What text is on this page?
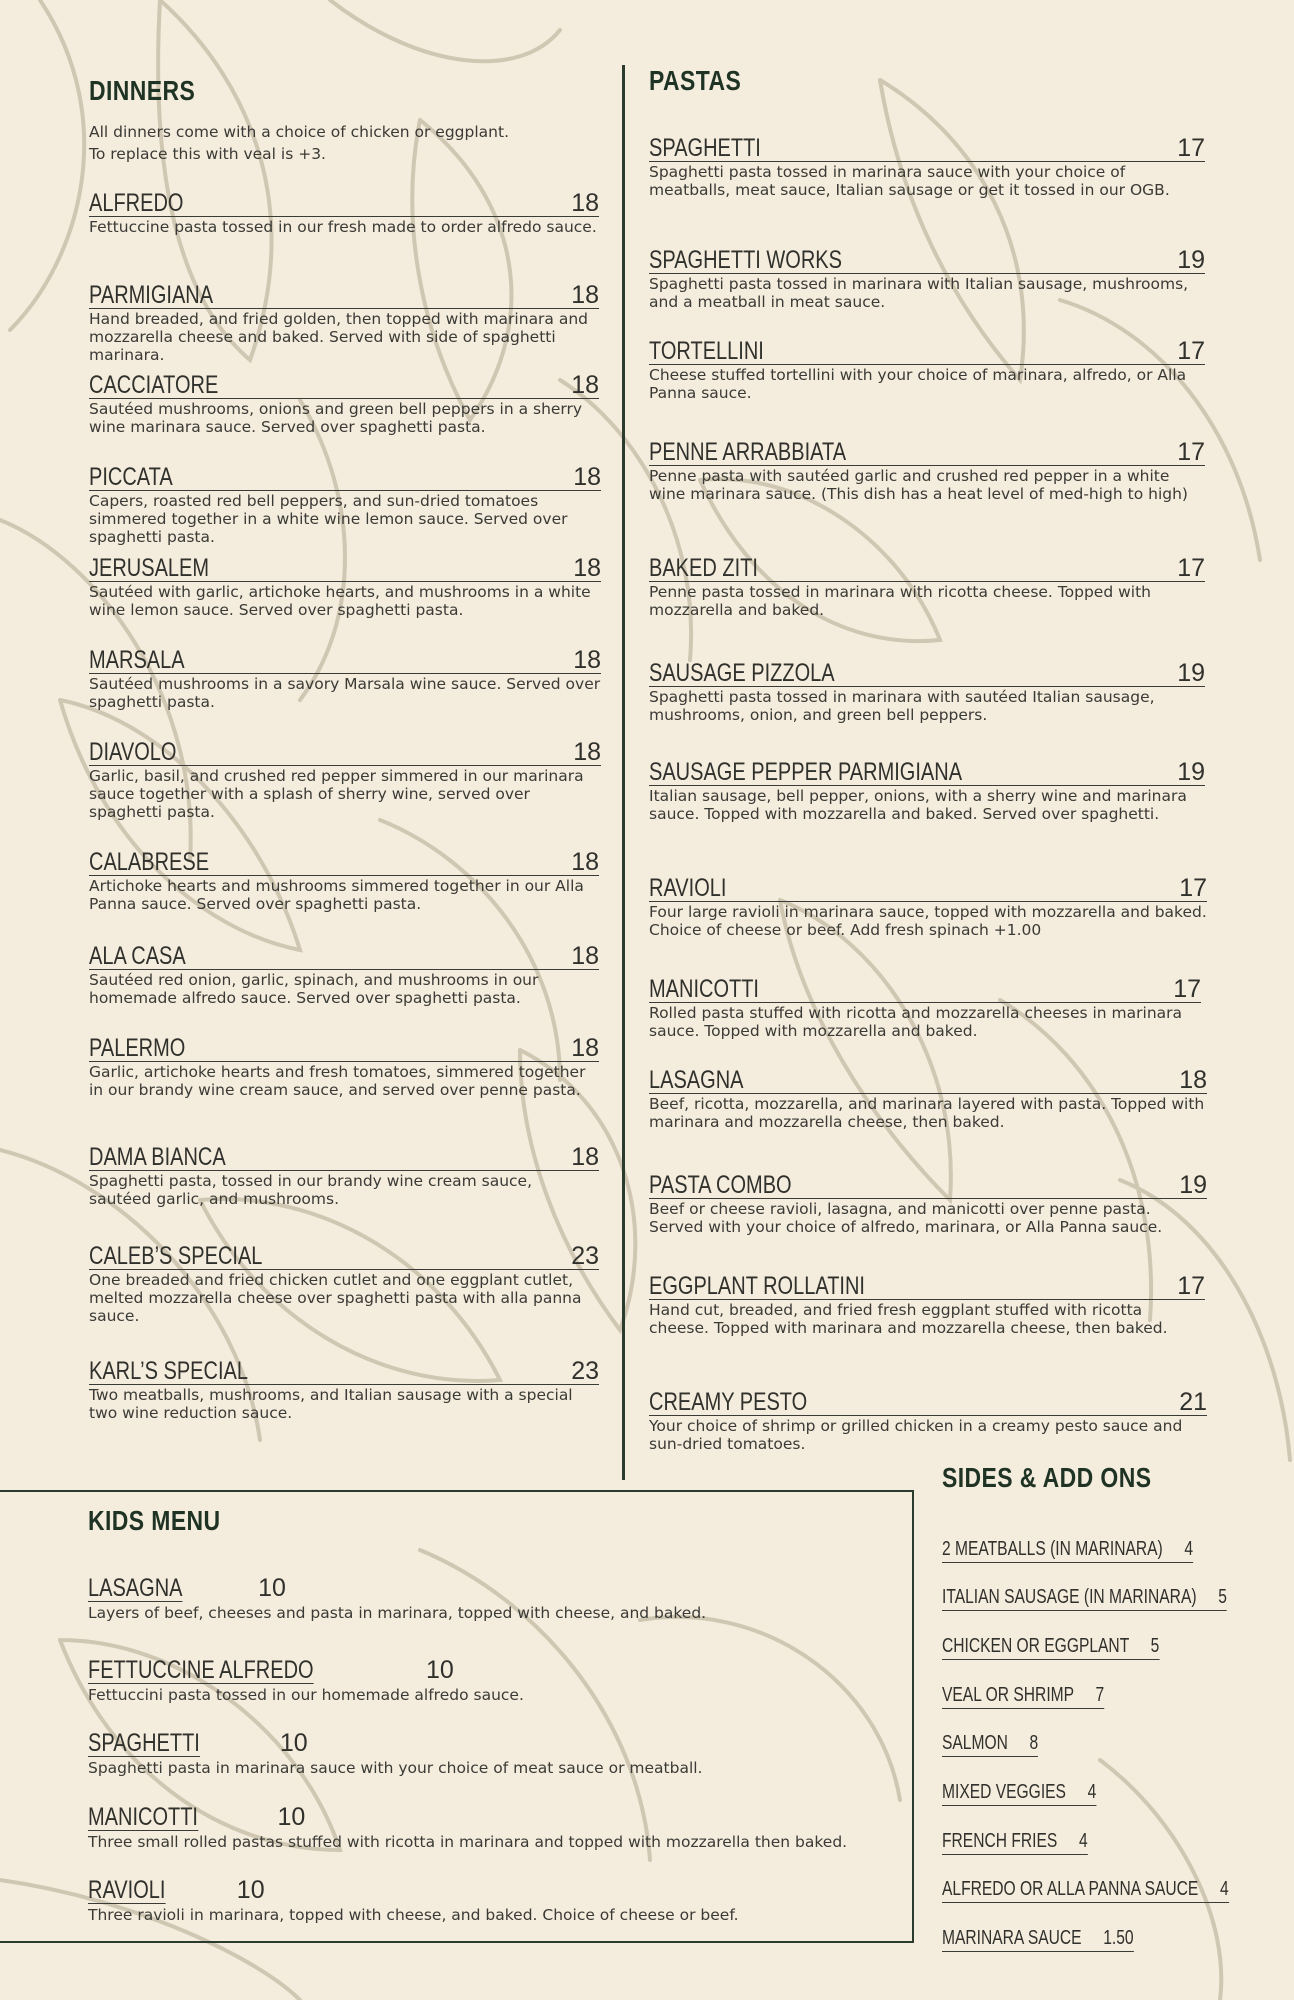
DINNERS
All dinners come with a choice of chicken or eggplant.
To replace this with veal is +3.
ALFREDO	18
Fettuccine pasta tossed in our fresh made to order alfredo sauce.
PARMIGIANA	18
Hand breaded, and fried golden, then topped with marinara and mozzarella cheese and baked. Served with side of spaghetti marinara.
CACCIATORE	18
Sautéed mushrooms, onions and green bell peppers in a sherry wine marinara sauce. Served over spaghetti pasta.
PICCATA	18
Capers, roasted red bell peppers, and sun-dried tomatoes simmered together in a white wine lemon sauce. Served over spaghetti pasta.
JERUSALEM	18
Sautéed with garlic, artichoke hearts, and mushrooms in a white wine lemon sauce. Served over spaghetti pasta.
MARSALA	18
Sautéed mushrooms in a savory Marsala wine sauce. Served over spaghetti pasta.
DIAVOLO	18
Garlic, basil, and crushed red pepper simmered in our marinara sauce together with a splash of sherry wine, served over spaghetti pasta.
CALABRESE	18
Artichoke hearts and mushrooms simmered together in our Alla Panna sauce. Served over spaghetti pasta.
ALA CASA	18
Sautéed red onion, garlic, spinach, and mushrooms in our homemade alfredo sauce. Served over spaghetti pasta.
PALERMO	18
Garlic, artichoke hearts and fresh tomatoes, simmered together in our brandy wine cream sauce, and served over penne pasta.
DAMA BIANCA	18
Spaghetti pasta, tossed in our brandy wine cream sauce, sautéed garlic, and mushrooms.
CALEB’S SPECIAL	23
One breaded and fried chicken cutlet and one eggplant cutlet, melted mozzarella cheese over spaghetti pasta with alla panna sauce.
KARL’S SPECIAL	23
Two meatballs, mushrooms, and Italian sausage with a special two wine reduction sauce.
PASTAS
SPAGHETTI	17
Spaghetti pasta tossed in marinara sauce with your choice of meatballs, meat sauce, Italian sausage or get it tossed in our OGB.
SPAGHETTI WORKS	19
Spaghetti pasta tossed in marinara with Italian sausage, mushrooms, and a meatball in meat sauce.
TORTELLINI	17
Cheese stuffed tortellini with your choice of marinara, alfredo, or Alla Panna sauce.
PENNE ARRABBIATA	17
Penne pasta with sautéed garlic and crushed red pepper in a white wine marinara sauce. (This dish has a heat level of med-high to high)
BAKED ZITI	17
Penne pasta tossed in marinara with ricotta cheese. Topped with mozzarella and baked.
SAUSAGE PIZZOLA	19
Spaghetti pasta tossed in marinara with sautéed Italian sausage, mushrooms, onion, and green bell peppers.
SAUSAGE PEPPER PARMIGIANA	19
Italian sausage, bell pepper, onions, with a sherry wine and marinara sauce. Topped with mozzarella and baked. Served over spaghetti.
RAVIOLI	17
Four large ravioli in marinara sauce, topped with mozzarella and baked. Choice of cheese or beef. Add fresh spinach +1.00
MANICOTTI	17
Rolled pasta stuffed with ricotta and mozzarella cheeses in marinara sauce. Topped with mozzarella and baked.
LASAGNA	18
Beef, ricotta, mozzarella, and marinara layered with pasta. Topped with marinara and mozzarella cheese, then baked.
PASTA COMBO	19
Beef or cheese ravioli, lasagna, and manicotti over penne pasta. Served with your choice of alfredo, marinara, or Alla Panna sauce.
EGGPLANT ROLLATINI	17
Hand cut, breaded, and fried fresh eggplant stuffed with ricotta cheese. Topped with marinara and mozzarella cheese, then baked.
CREAMY PESTO	21
Your choice of shrimp or grilled chicken in a creamy pesto sauce and sun-dried tomatoes.
KIDS MENU
LASAGNA	10
Layers of beef, cheeses and pasta in marinara, topped with cheese, and baked.
FETTUCCINE ALFREDO	10
Fettuccini pasta tossed in our homemade alfredo sauce.
SPAGHETTI	10
Spaghetti pasta in marinara sauce with your choice of meat sauce or meatball.
MANICOTTI	10
Three small rolled pastas stuffed with ricotta in marinara and topped with mozzarella then baked.
RAVIOLI	10
Three ravioli in marinara, topped with cheese, and baked. Choice of cheese or beef.
SIDES & ADD ONS
2 MEATBALLS (IN MARINARA)     4
ITALIAN SAUSAGE (IN MARINARA)     5
CHICKEN OR EGGPLANT     5
VEAL OR SHRIMP     7
SALMON     8
MIXED VEGGIES     4
FRENCH FRIES     4
ALFREDO OR ALLA PANNA SAUCE     4
MARINARA SAUCE     1.50
